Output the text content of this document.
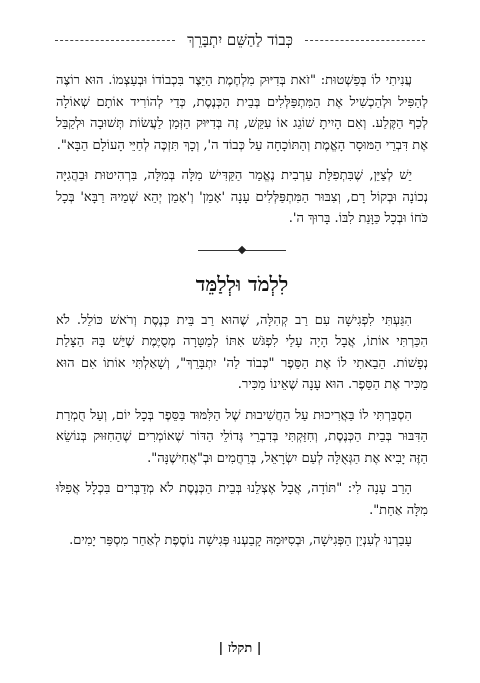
כְּבוֹד לַהַשֵּׁם יִתְבָּרֵךְ

עֲנִיתִי לוֹ בְּפַשְׁטוּת: "זֹאת בְּדִיּוּק מִלְחֶמֶת הַיֵּצֶר בִּכְבוֹדוֹ וּבְעַצְמוֹ. הוּא רוֹצֶה לְהַפִּיל וּלְהַכְשִׁיל אֶת הַמִּתְפַּלְּלִים בְּבֵית הַכְּנֶסֶת, כְּדֵי לְהוֹרִיד אוֹתָם שְׁאוֹלָה לְכַף הַקֶּלַע. וְאִם הָיִיתָ שׁוֹגֵג אוֹ עִקֵּשׁ, זֶה בְּדִיּוּק הַזְּמַן לַעֲשׂוֹת תְּשׁוּבָה וּלְקַבֵּל אֶת דִּבְרֵי הַמּוּסָר הָאֱמֶת וְהַתּוֹכָחָה עַל כְּבוֹד ה', וְכָךְ תִּזְכֶּה לְחַיֵּי הָעוֹלָם הַבָּא".

יֵשׁ לְצַיֵּן, שֶׁבִּתְפִלַּת עַרְבִית נֶאֱמַר הַקַּדִּישׁ מִלָּה בְּמִלָּה, בִּרְהִיטוּת וּבַהֲגִיָּה נְכוֹנָה וּבְקוֹל רָם, וְצִבּוּר הַמִּתְפַּלְּלִים עָנָה 'אָמֵן' וְ'אָמֵן יְהֵא שְׁמֵיהּ רַבָּא' בְּכָל כֹּחוֹ וּבְכָל כַּוָּנַת לִבּוֹ. בָּרוּךְ ה'.

לִלְמֹד וּלְלַמֵּד

הִגַּעְתִּי לִפְגִישָׁה עִם רַב קְהִלָּה, שֶׁהוּא רַב בֵּית כְּנֶסֶת וְרֹאשׁ כּוֹלֵל. לֹא הִכַּרְתִּי אוֹתוֹ, אֲבָל הָיָה עָלַי לִפְגֹּשׁ אִתּוֹ לְמַטָּרָה מְסֻיֶּמֶת שֶׁיֵּשׁ בָּהּ הַצָּלַת נְפָשׁוֹת. הֵבֵאתִי לוֹ אֶת הַסֵּפֶר "כְּבוֹד לַה' יִתְבָּרֵךְ", וְשָׁאַלְתִּי אוֹתוֹ אִם הוּא מַכִּיר אֶת הַסֵּפֶר. הוּא עָנָה שֶׁאֵינוֹ מַכִּיר.

הִסְבַּרְתִּי לוֹ בַּאֲרִיכוּת עַל הַחֲשִׁיבוּת שֶׁל הַלִּמּוּד בַּסֵּפֶר בְּכָל יוֹם, וְעַל חֻמְרַת הַדִּבּוּר בְּבֵית הַכְּנֶסֶת, וְחִזַּקְתִּי בְּדִבְרֵי גְּדוֹלֵי הַדּוֹר שֶׁאוֹמְרִים שֶׁהַחִזּוּק בְּנוֹשֵׂא הַזֶּה יָבִיא אֶת הַגְּאֻלָּה לְעַם יִשְׂרָאֵל, בְּרַחֲמִים וּבְ"אֲחִישֶׁנָּה".

הָרַב עָנָה לִי: "תּוֹדָה, אֲבָל אֶצְלֵנוּ בְּבֵית הַכְּנֶסֶת לֹא מְדַבְּרִים בִּכְלָל אֲפִלּוּ מִלָּה אַחַת".

עָבַרְנוּ לְעִנְיַן הַפְּגִישָׁה, וּבְסִיּוּמָהּ קָבַעְנוּ פְּגִישָׁה נוֹסֶפֶת לְאַחַר מִסְפַּר יָמִים.

| תקלז |
